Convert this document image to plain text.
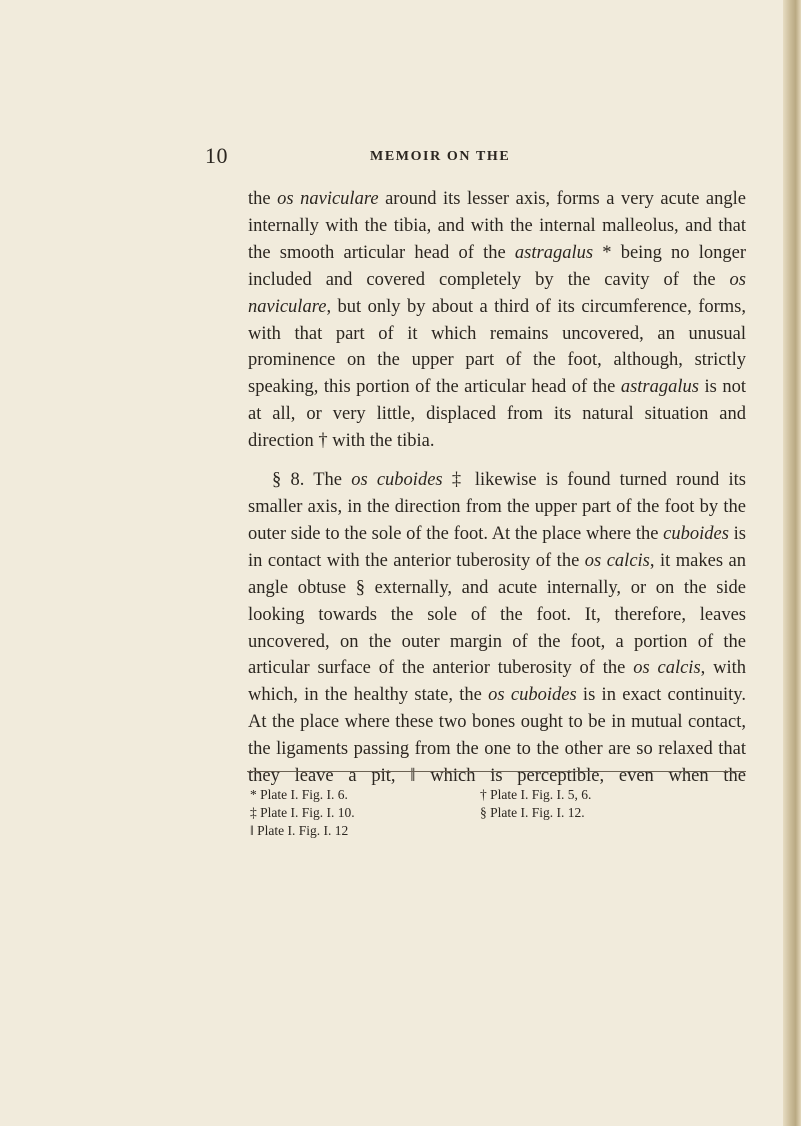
10	MEMOIR ON THE

the os naviculare around its lesser axis, forms a very acute angle internally with the tibia, and with the internal malleolus, and that the smooth articular head of the astragalus * being no longer included and covered completely by the cavity of the os naviculare, but only by about a third of its circumference, forms, with that part of it which remains uncovered, an unusual prominence on the upper part of the foot, although, strictly speaking, this portion of the articular head of the astragalus is not at all, or very little, displaced from its natural situation and direction † with the tibia.

§ 8. The os cuboides ‡ likewise is found turned round its smaller axis, in the direction from the upper part of the foot by the outer side to the sole of the foot. At the place where the cuboides is in contact with the anterior tuberosity of the os calcis, it makes an angle obtuse § externally, and acute internally, or on the side looking towards the sole of the foot. It, therefore, leaves uncovered, on the outer margin of the foot, a portion of the articular surface of the anterior tuberosity of the os calcis, with which, in the healthy state, the os cuboides is in exact continuity. At the place where these two bones ought to be in mutual contact, the ligaments passing from the one to the other are so relaxed that they leave a pit, ‖ which is perceptible, even when the

* Plate I. Fig. I. 6.
‡ Plate I. Fig. I. 10.
‖ Plate I. Fig. I. 12
† Plate I. Fig. I. 5, 6.
§ Plate I. Fig. I. 12.
